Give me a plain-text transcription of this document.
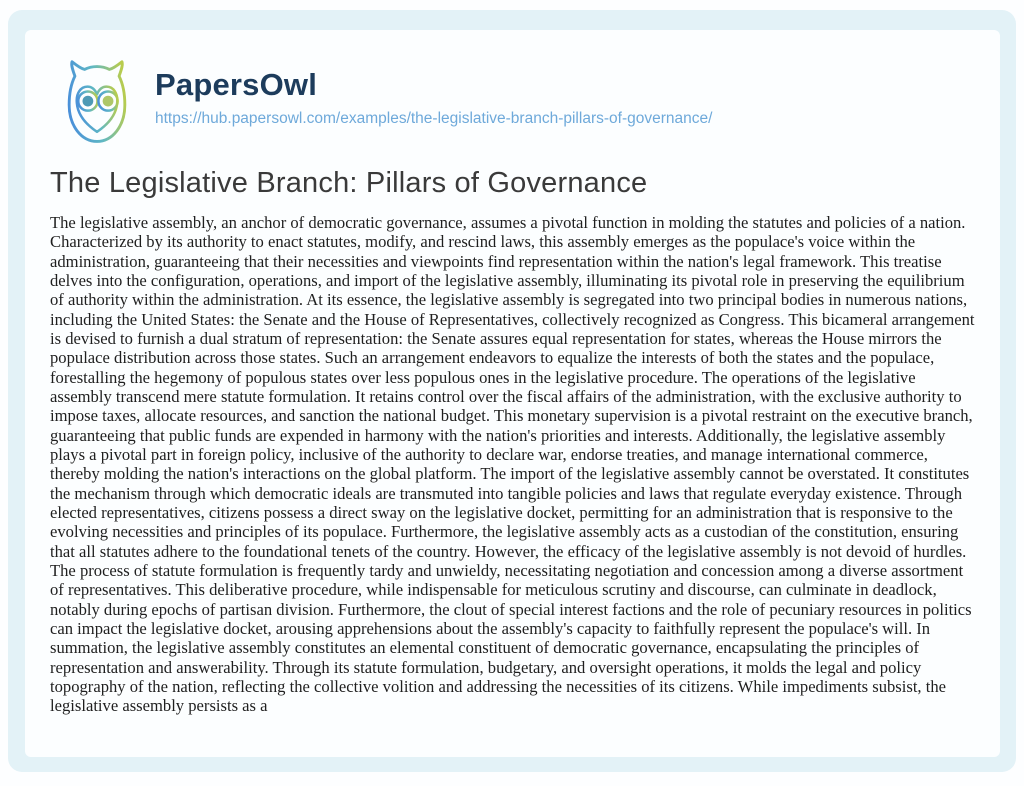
PapersOwl
https://hub.papersowl.com/examples/the-legislative-branch-pillars-of-governance/
The Legislative Branch: Pillars of Governance

The legislative assembly, an anchor of democratic governance, assumes a pivotal function in molding the statutes and policies of a nation. Characterized by its authority to enact statutes, modify, and rescind laws, this assembly emerges as the populace's voice within the administration, guaranteeing that their necessities and viewpoints find representation within the nation's legal framework. This treatise delves into the configuration, operations, and import of the legislative assembly, illuminating its pivotal role in preserving the equilibrium of authority within the administration. At its essence, the legislative assembly is segregated into two principal bodies in numerous nations, including the United States: the Senate and the House of Representatives, collectively recognized as Congress. This bicameral arrangement is devised to furnish a dual stratum of representation: the Senate assures equal representation for states, whereas the House mirrors the populace distribution across those states. Such an arrangement endeavors to equalize the interests of both the states and the populace, forestalling the hegemony of populous states over less populous ones in the legislative procedure. The operations of the legislative assembly transcend mere statute formulation. It retains control over the fiscal affairs of the administration, with the exclusive authority to impose taxes, allocate resources, and sanction the national budget. This monetary supervision is a pivotal restraint on the executive branch, guaranteeing that public funds are expended in harmony with the nation's priorities and interests. Additionally, the legislative assembly plays a pivotal part in foreign policy, inclusive of the authority to declare war, endorse treaties, and manage international commerce, thereby molding the nation's interactions on the global platform. The import of the legislative assembly cannot be overstated. It constitutes the mechanism through which democratic ideals are transmuted into tangible policies and laws that regulate everyday existence. Through elected representatives, citizens possess a direct sway on the legislative docket, permitting for an administration that is responsive to the evolving necessities and principles of its populace. Furthermore, the legislative assembly acts as a custodian of the constitution, ensuring that all statutes adhere to the foundational tenets of the country. However, the efficacy of the legislative assembly is not devoid of hurdles. The process of statute formulation is frequently tardy and unwieldy, necessitating negotiation and concession among a diverse assortment of representatives. This deliberative procedure, while indispensable for meticulous scrutiny and discourse, can culminate in deadlock, notably during epochs of partisan division. Furthermore, the clout of special interest factions and the role of pecuniary resources in politics can impact the legislative docket, arousing apprehensions about the assembly's capacity to faithfully represent the populace's will. In summation, the legislative assembly constitutes an elemental constituent of democratic governance, encapsulating the principles of representation and answerability. Through its statute formulation, budgetary, and oversight operations, it molds the legal and policy topography of the nation, reflecting the collective volition and addressing the necessities of its citizens. While impediments subsist, the legislative assembly persists as a
